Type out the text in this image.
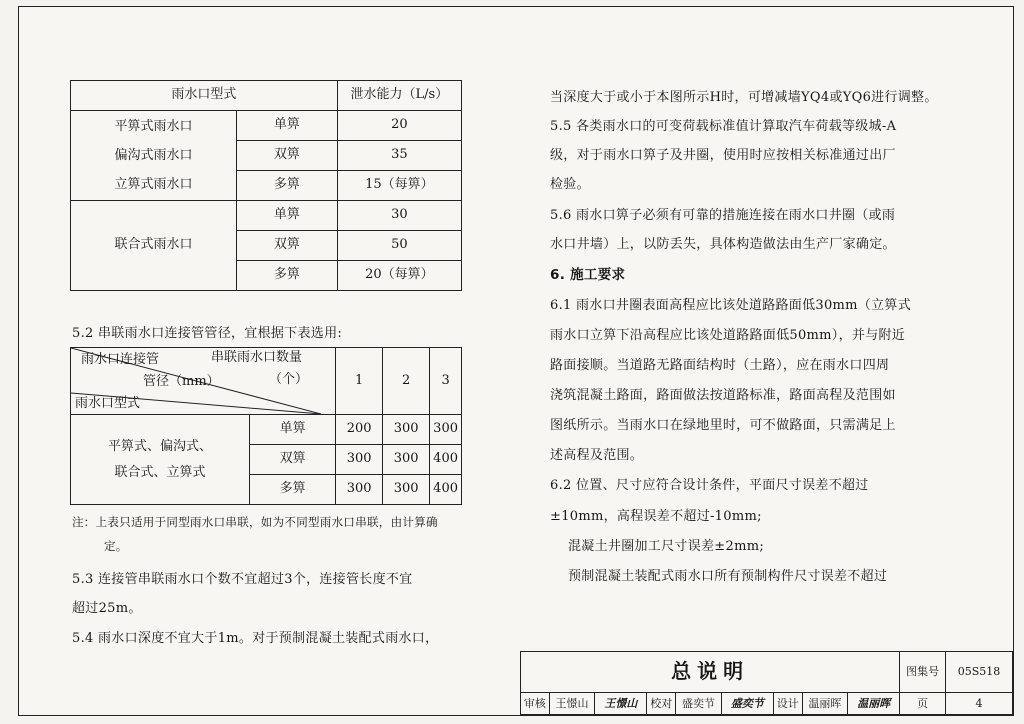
雨水口型式		泄水能力（L/s）

平箅式雨水口
偏沟式雨水口
立箅式雨水口	单箅	20
	双箅	35
	多箅	15（每箅）
联合式雨水口	单箅	30
	双箅	50
	多箅	20（每箅）
5.2 串联雨水口连接管管径，宜根据下表选用:
雨水口连接管
管径（mm）
串联雨水口数量
（个）
雨水口型式		1	2	3

平箅式、偏沟式、
联合式、立箅式	单箅	200	300	300
	双箅	300	300	400
	多箅	300	300	400
注：上表只适用于同型雨水口串联，如为不同型雨水口串联，由计算确
定。
5.3 连接管串联雨水口个数不宜超过3个，连接管长度不宜
超过25m。
5.4 雨水口深度不宜大于1m。对于预制混凝土装配式雨水口，
当深度大于或小于本图所示H时，可增减墙YQ4或YQ6进行调整。
5.5 各类雨水口的可变荷载标准值计算取汽车荷载等级城-A
级，对于雨水口箅子及井圈，使用时应按相关标准通过出厂
检验。
5.6 雨水口箅子必须有可靠的措施连接在雨水口井圈（或雨
水口井墙）上，以防丢失，具体构造做法由生产厂家确定。
6. 施工要求
6.1 雨水口井圈表面高程应比该处道路路面低30mm（立箅式
雨水口立箅下沿高程应比该处道路路面低50mm），并与附近
路面接顺。当道路无路面结构时（土路），应在雨水口四周
浇筑混凝土路面，路面做法按道路标准，路面高程及范围如
图纸所示。当雨水口在绿地里时，可不做路面，只需满足上
述高程及范围。
6.2 位置、尺寸应符合设计条件，平面尺寸误差不超过
±10mm，高程误差不超过-10mm;
混凝土井圈加工尺寸误差±2mm;
预制混凝土装配式雨水口所有预制构件尺寸误差不超过
总说明									图集号	05S518
审核	王憬山	王憬山	校对	盛奕节	盛奕节	设计	温丽晖	温丽晖	页	4
